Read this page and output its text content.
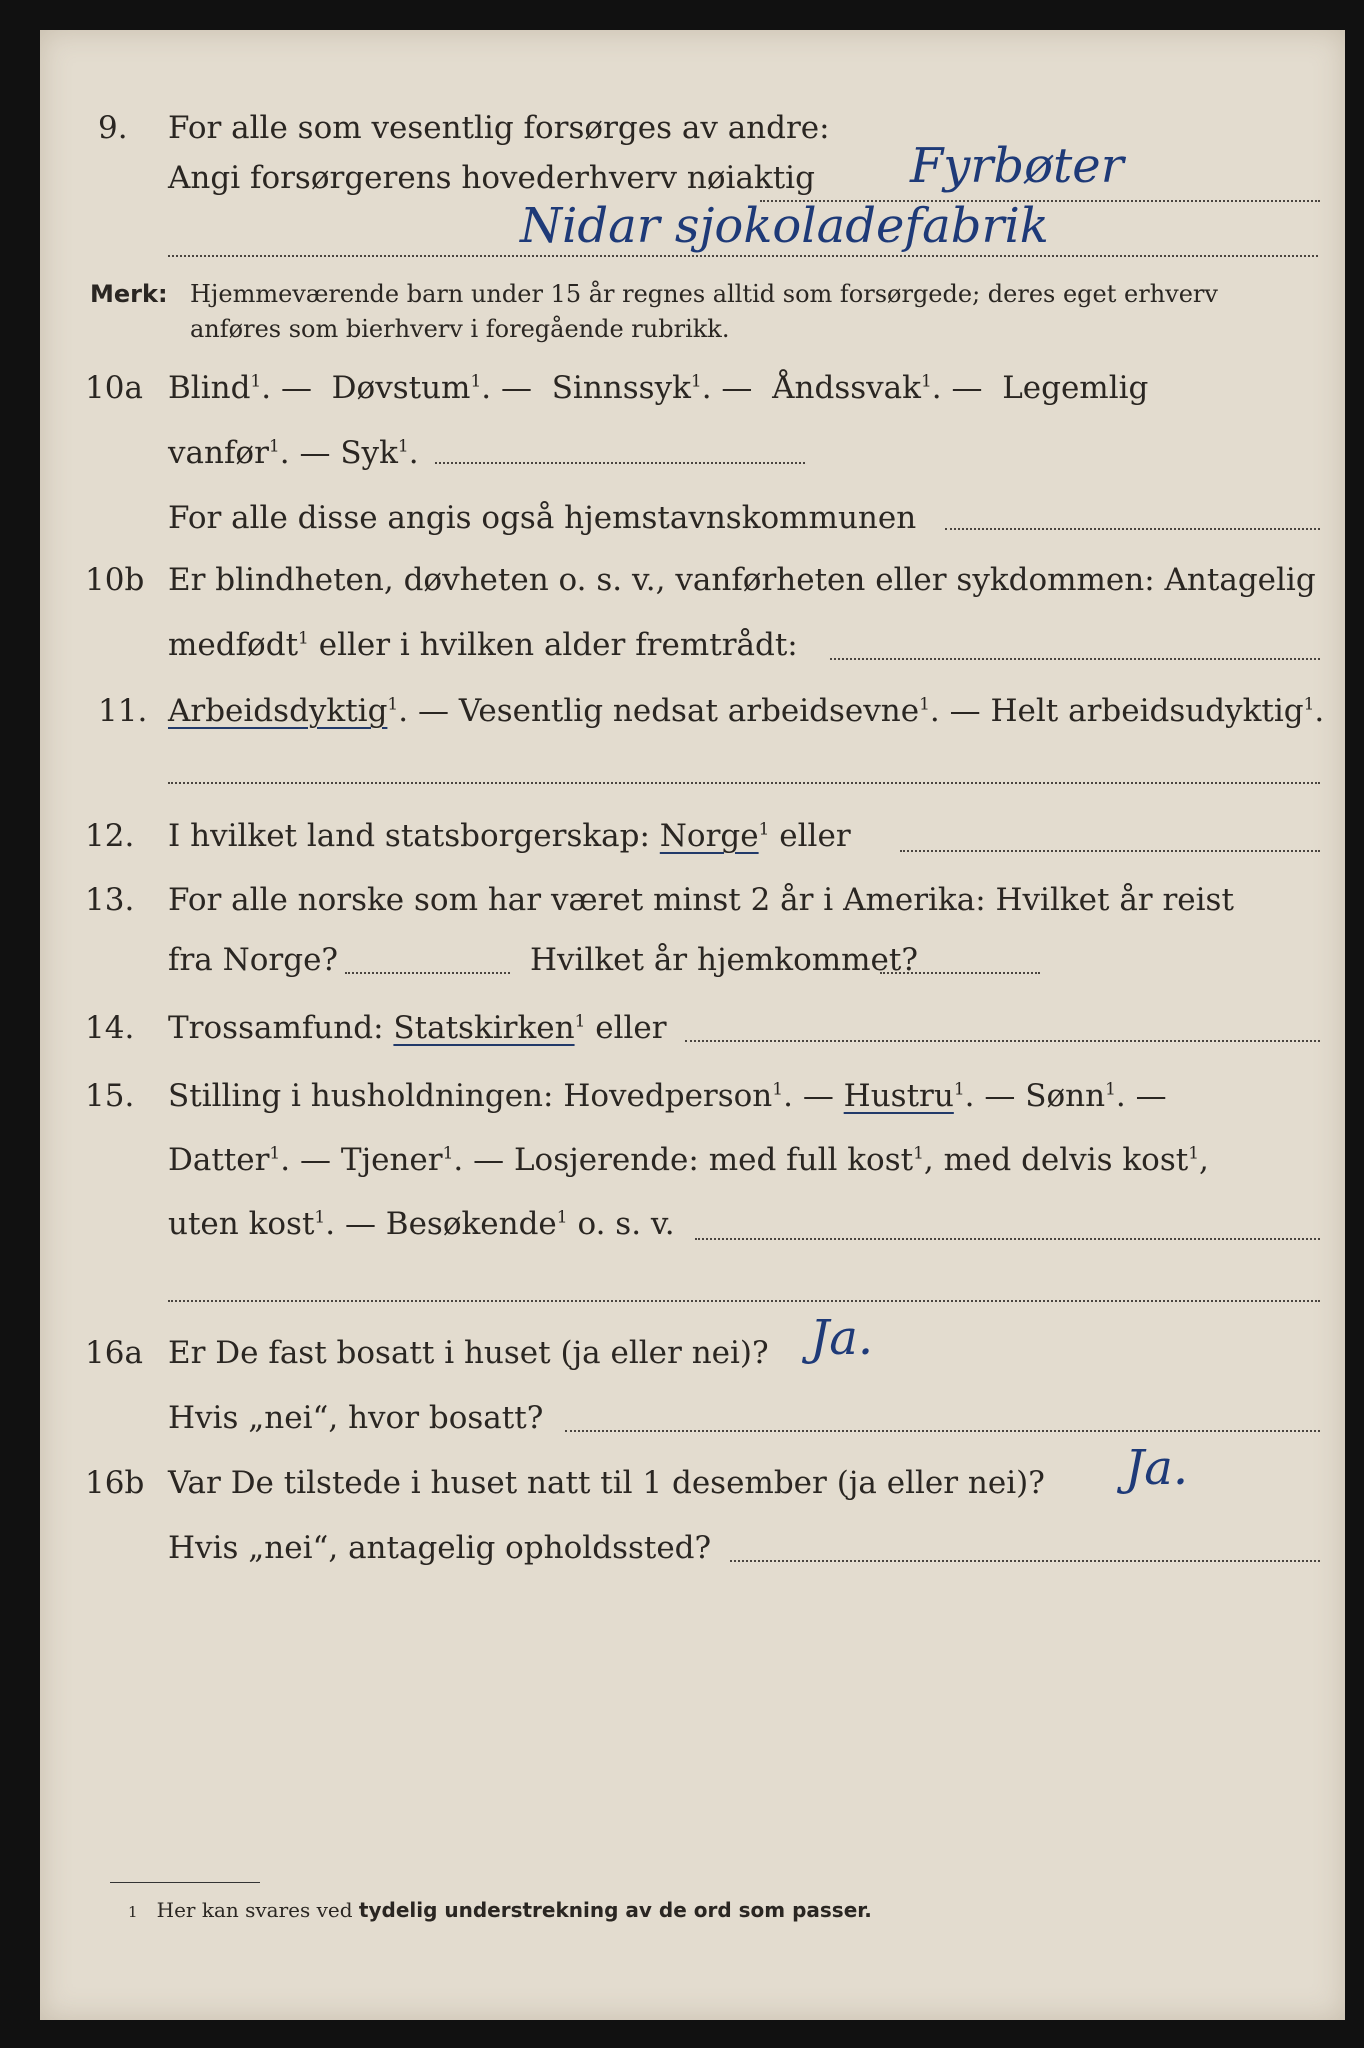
9. For alle som vesentlig forsørges av andre:
Angi forsørgerens hovederhverv nøiaktig Fyrbøter
Nidar sjokoladefabrik
Merk: Hjemmeværende barn under 15 år regnes alltid som forsørgede; deres eget erhverv
anføres som bierhverv i foregående rubrikk.
10a Blind$^1$. —  Døvstum$^1$. —  Sinnssyk$^1$. —  Åndssvak$^1$. —  Legemlig
vanfør$^1$. — Syk$^1$.
For alle disse angis også hjemstavnskommunen
10b Er blindheten, døvheten o. s. v., vanførheten eller sykdommen: Antagelig
medfødt$^1$ eller i hvilken alder fremtrådt:
11. Arbeidsdyktig$^1$. — Vesentlig nedsat arbeidsevne$^1$. — Helt arbeidsudyktig$^1$.
12. I hvilket land statsborgerskap: Norge$^1$ eller
13. For alle norske som har været minst 2 år i Amerika: Hvilket år reist
fra Norge?	Hvilket år hjemkommet?
14. Trossamfund: Statskirken$^1$ eller
15. Stilling i husholdningen: Hovedperson$^1$. — Hustru$^1$. — Sønn$^1$. —
Datter$^1$. — Tjener$^1$. — Losjerende: med full kost$^1$, med delvis kost$^1$,
uten kost$^1$. — Besøkende$^1$ o. s. v.
16a Er De fast bosatt i huset (ja eller nei)? Ja.
Hvis „nei“, hvor bosatt?
16b Var De tilstede i huset natt til 1 desember (ja eller nei)? Ja.
Hvis „nei“, antagelig opholdssted?
1 Her kan svares ved tydelig understrekning av de ord som passer.
